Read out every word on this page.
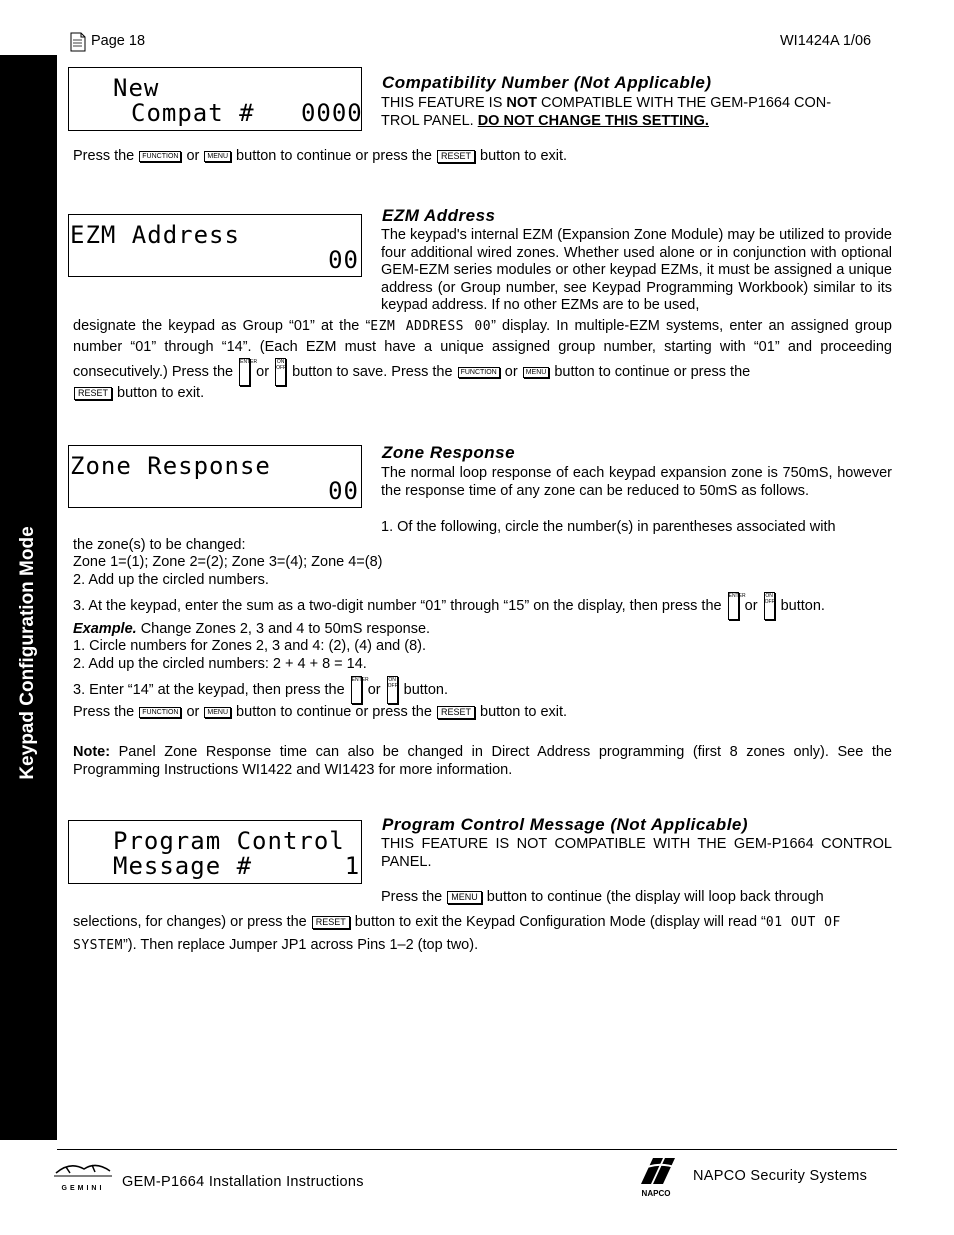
Page 18	WI1424A 1/06
Keypad Configuration Mode
New
Compat #   0000
Compatibility Number (Not Applicable)
THIS FEATURE IS NOT COMPATIBLE WITH THE GEM-P1664 CON-
TROL PANEL. DO NOT CHANGE THIS SETTING.
Press the FUNCTION or MENU button to continue or press the RESET button to exit.
EZM Address
00
EZM Address
The keypad's internal EZM (Expansion Zone Module) may be utilized to provide four additional wired zones. Whether used alone or in conjunction with optional GEM-EZM series modules or other keypad EZMs, it must be assigned a unique address (or Group number, see Keypad Programming Workbook) similar to its keypad address. If no other EZMs are to be used,
designate the keypad as Group “01” at the “EZM ADDRESS 00” display. In multiple-EZM systems, enter an assigned group number “01” through “14”. (Each EZM must have a unique assigned group number, starting with “01” and proceeding consecutively.) Press the ENTER or ON OFF button to save. Press the FUNCTION or MENU button to continue or press the
RESET button to exit.
Zone Response
00
Zone Response
The normal loop response of each keypad expansion zone is 750mS, however the response time of any zone can be reduced to 50mS as follows.
1. Of the following, circle the number(s) in parentheses associated with
the zone(s) to be changed:
Zone 1=(1); Zone 2=(2); Zone 3=(4); Zone 4=(8)
2. Add up the circled numbers.
3. At the keypad, enter the sum as a two-digit number “01” through “15” on the display, then press the ENTER or ON OFF button.
Example. Change Zones 2, 3 and 4 to 50mS response.
1. Circle numbers for Zones 2, 3 and 4: (2), (4) and (8).
2. Add up the circled numbers: 2 + 4 + 8 = 14.
3. Enter “14” at the keypad, then press the ENTER or ON OFF button.
Press the FUNCTION or MENU button to continue or press the RESET button to exit.
Note: Panel Zone Response time can also be changed in Direct Address programming (first 8 zones only). See the Programming Instructions WI1422 and WI1423 for more information.
Program Control
Message #      1
Program Control Message (Not Applicable)
THIS FEATURE IS NOT COMPATIBLE WITH THE GEM-P1664 CONTROL PANEL.
Press the MENU button to continue (the display will loop back through
selections, for changes) or press the RESET button to exit the Keypad Configuration Mode (display will read “01 OUT OF
SYSTEM”). Then replace Jumper JP1 across Pins 1–2 (top two).
GEMINI	GEM-P1664 Installation Instructions
NAPCO
NAPCO Security Systems
